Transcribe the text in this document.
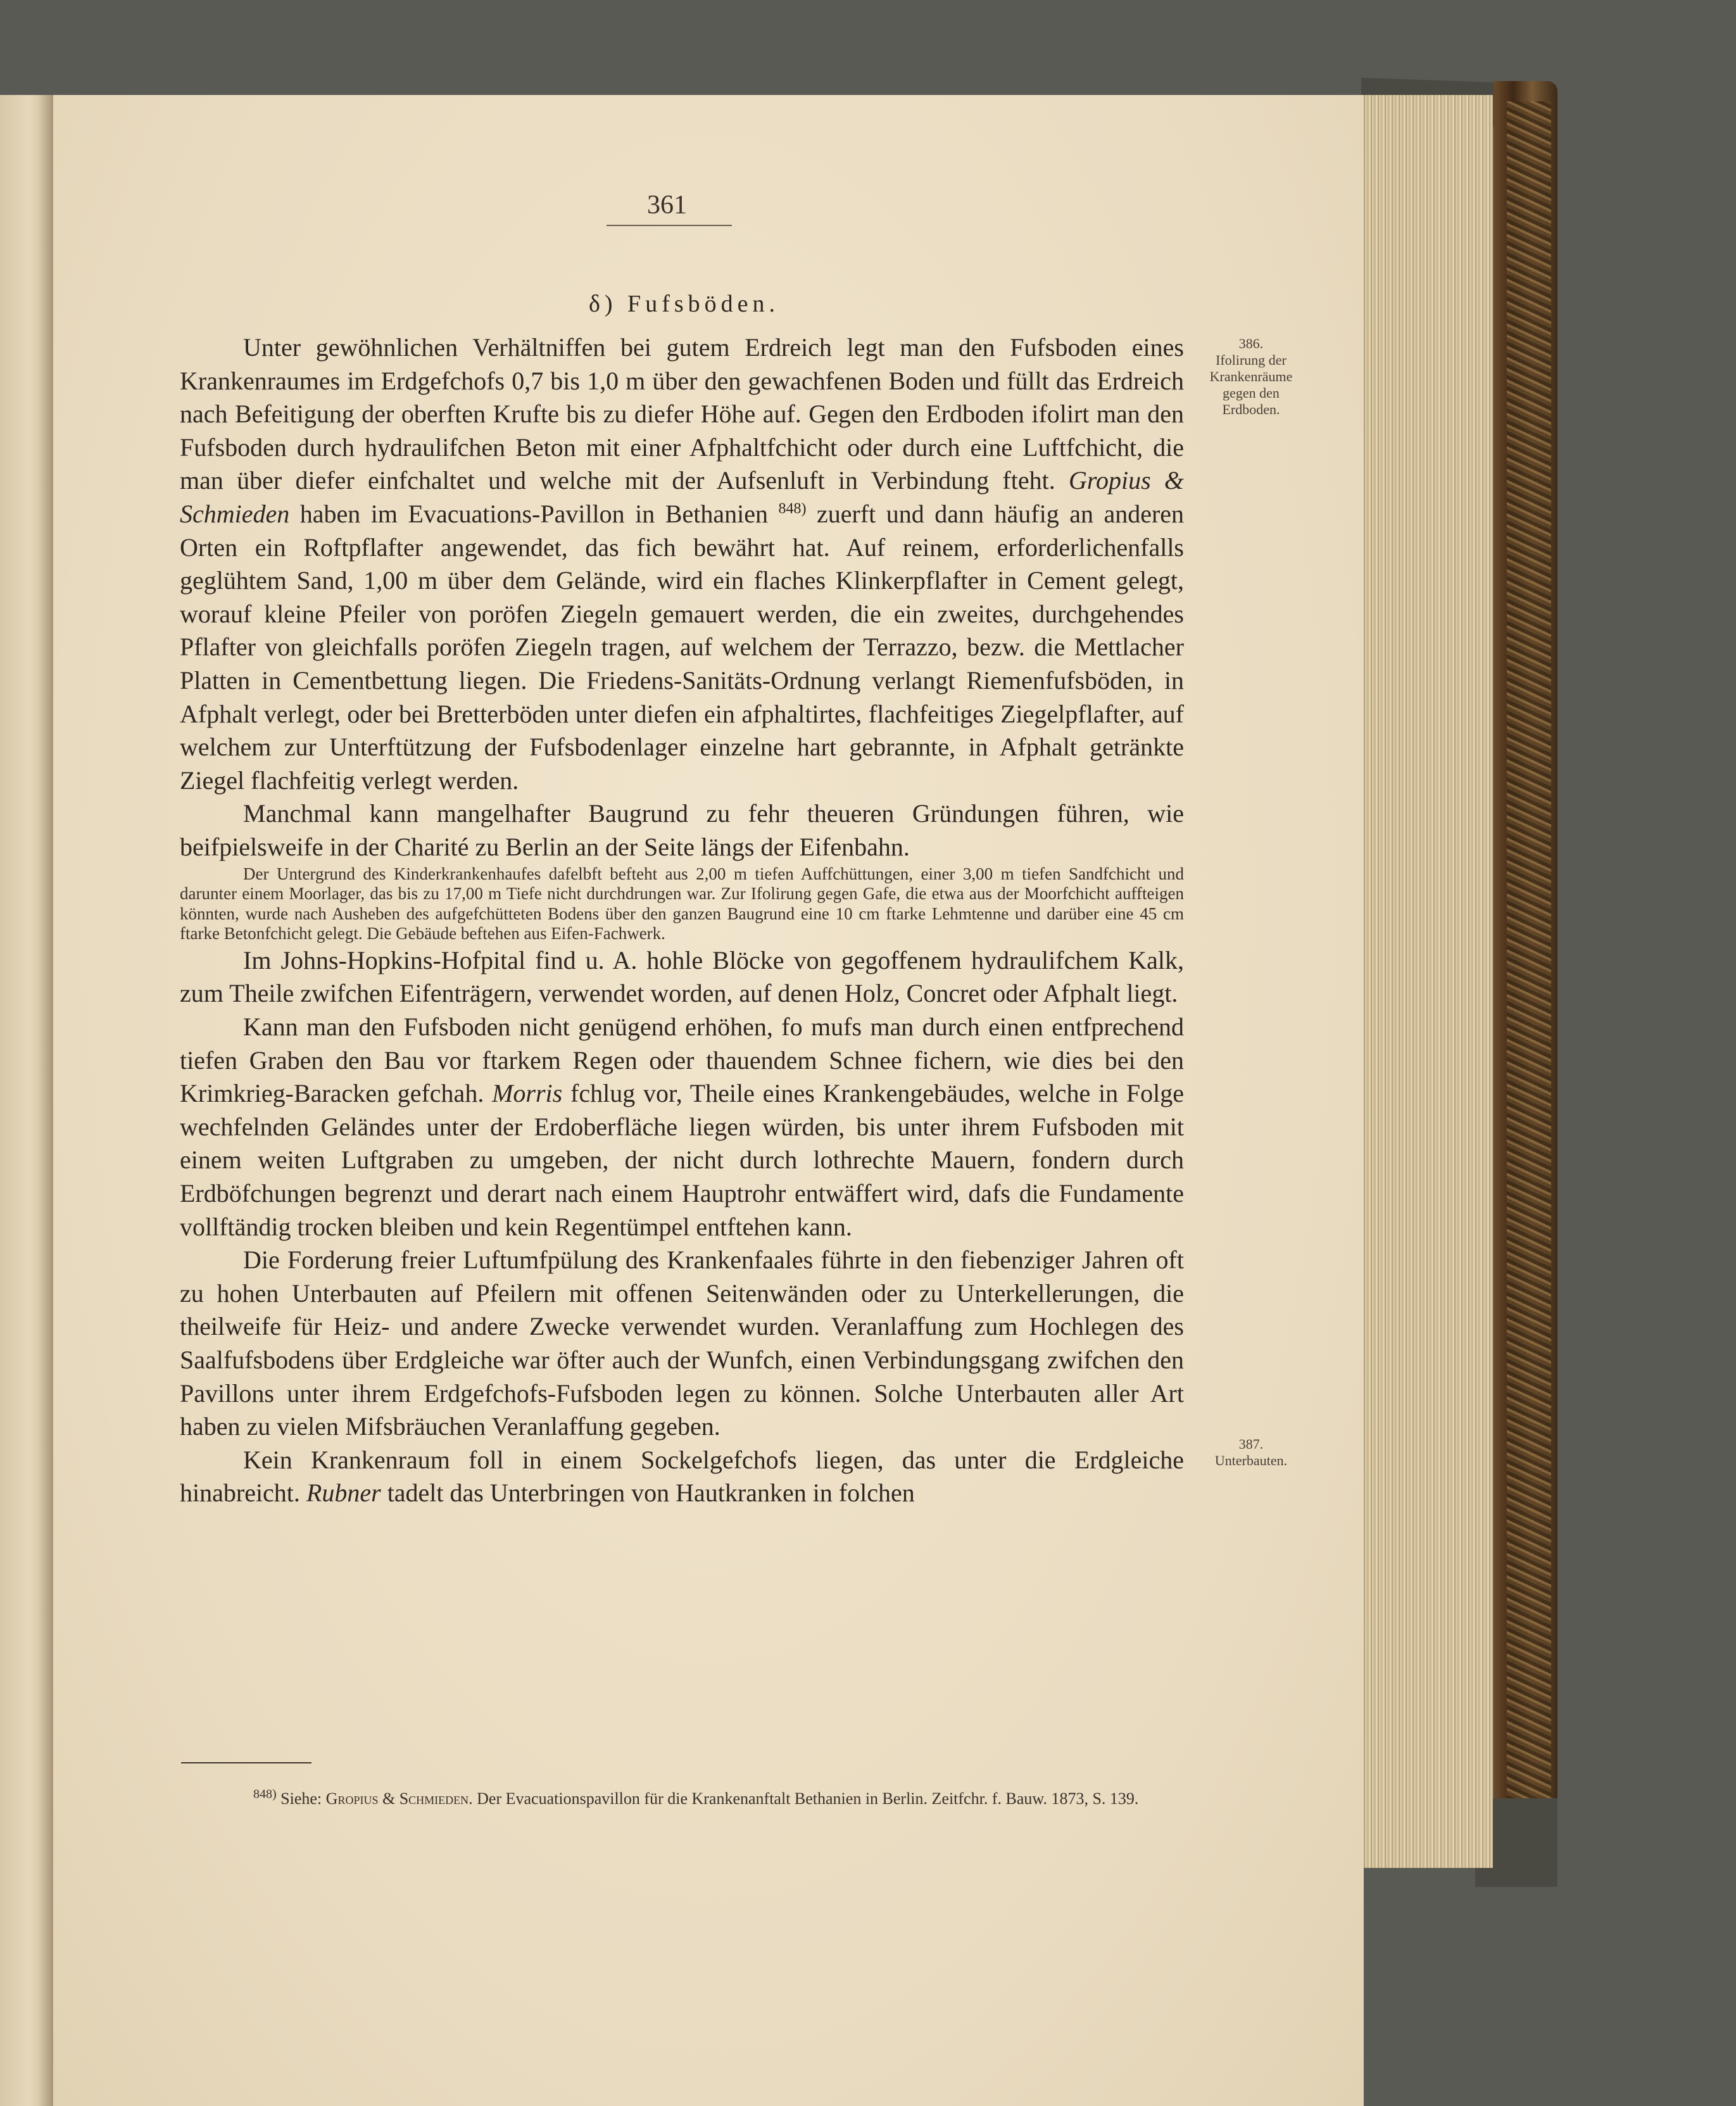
361
δ) Fufsböden.
386.
Ifolirung der
Krankenräume
gegen den
Erdboden.
387.
Unterbauten.

Unter gewöhnlichen Verhältniffen bei gutem Erdreich legt man den Fufsboden eines Krankenraumes im Erdgefchofs 0,7 bis 1,0 m über den gewachfenen Boden und füllt das Erdreich nach Befeitigung der oberften Krufte bis zu diefer Höhe auf. Gegen den Erdboden ifolirt man den Fufsboden durch hydraulifchen Beton mit einer Afphaltfchicht oder durch eine Luftfchicht, die man über diefer einfchaltet und welche mit der Aufsenluft in Verbindung fteht. Gropius & Schmieden haben im Evacuations-Pavillon in Bethanien $^{848)}$ zuerft und dann häufig an anderen Orten ein Roftpflafter angewendet, das fich bewährt hat. Auf reinem, erforderlichenfalls geglühtem Sand, 1,00 m über dem Gelände, wird ein flaches Klinkerpflafter in Cement gelegt, worauf kleine Pfeiler von poröfen Ziegeln gemauert werden, die ein zweites, durchgehendes Pflafter von gleichfalls poröfen Ziegeln tragen, auf welchem der Terrazzo, bezw. die Mettlacher Platten in Cementbettung liegen. Die Friedens-Sanitäts-Ordnung verlangt Riemenfufsböden, in Afphalt verlegt, oder bei Bretterböden unter diefen ein afphaltirtes, flachfeitiges Ziegelpflafter, auf welchem zur Unterftützung der Fufsbodenlager einzelne hart gebrannte, in Afphalt getränkte Ziegel flachfeitig verlegt werden.

Manchmal kann mangelhafter Baugrund zu fehr theueren Gründungen führen, wie beifpielsweife in der Charité zu Berlin an der Seite längs der Eifenbahn.

Der Untergrund des Kinderkrankenhaufes dafelbft befteht aus 2,00 m tiefen Auffchüttungen, einer 3,00 m tiefen Sandfchicht und darunter einem Moorlager, das bis zu 17,00 m Tiefe nicht durchdrungen war. Zur Ifolirung gegen Gafe, die etwa aus der Moorfchicht auffteigen könnten, wurde nach Ausheben des aufgefchütteten Bodens über den ganzen Baugrund eine 10 cm ftarke Lehmtenne und darüber eine 45 cm ftarke Betonfchicht gelegt. Die Gebäude beftehen aus Eifen-Fachwerk.

Im Johns-Hopkins-Hofpital find u. A. hohle Blöcke von gegoffenem hydraulifchem Kalk, zum Theile zwifchen Eifenträgern, verwendet worden, auf denen Holz, Concret oder Afphalt liegt.

Kann man den Fufsboden nicht genügend erhöhen, fo mufs man durch einen entfprechend tiefen Graben den Bau vor ftarkem Regen oder thauendem Schnee fichern, wie dies bei den Krimkrieg-Baracken gefchah. Morris fchlug vor, Theile eines Krankengebäudes, welche in Folge wechfelnden Geländes unter der Erdoberfläche liegen würden, bis unter ihrem Fufsboden mit einem weiten Luftgraben zu umgeben, der nicht durch lothrechte Mauern, fondern durch Erdböfchungen begrenzt und derart nach einem Hauptrohr entwäffert wird, dafs die Fundamente vollftändig trocken bleiben und kein Regentümpel entftehen kann.

Die Forderung freier Luftumfpülung des Krankenfaales führte in den fiebenziger Jahren oft zu hohen Unterbauten auf Pfeilern mit offenen Seitenwänden oder zu Unterkellerungen, die theilweife für Heiz- und andere Zwecke verwendet wurden. Veranlaffung zum Hochlegen des Saalfufsbodens über Erdgleiche war öfter auch der Wunfch, einen Verbindungsgang zwifchen den Pavillons unter ihrem Erdgefchofs-Fufsboden legen zu können. Solche Unterbauten aller Art haben zu vielen Mifsbräuchen Veranlaffung gegeben.

Kein Krankenraum foll in einem Sockelgefchofs liegen, das unter die Erdgleiche hinabreicht. Rubner tadelt das Unterbringen von Hautkranken in folchen

$^{848)}$ Siehe: Gropius & Schmieden. Der Evacuationspavillon für die Krankenanftalt Bethanien in Berlin. Zeitfchr. f. Bauw. 1873, S. 139.
